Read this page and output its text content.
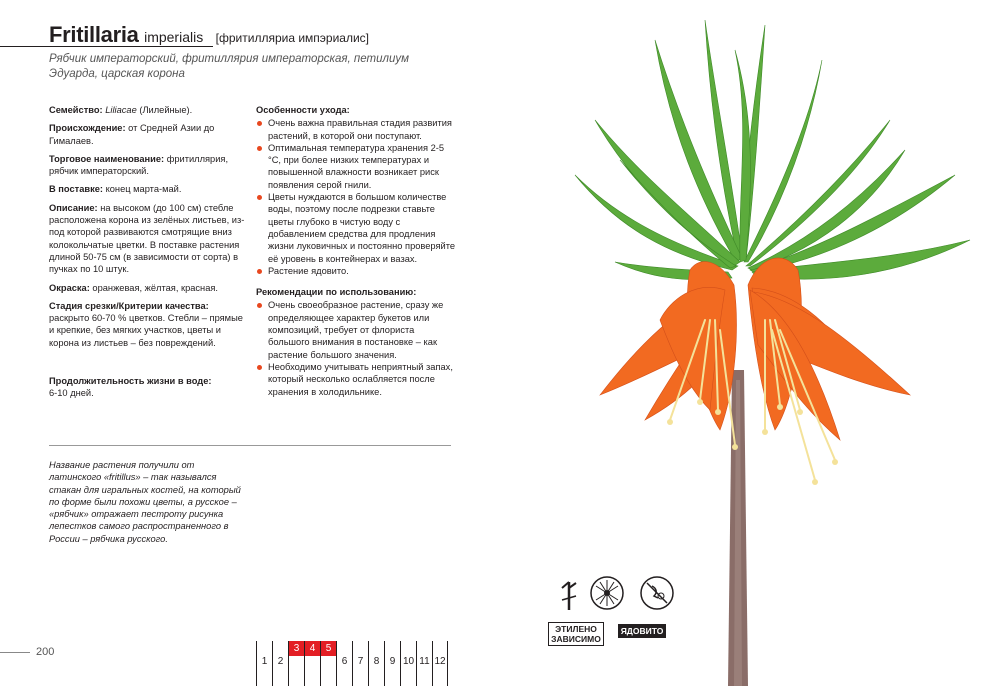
Fritillaria imperialis [фритилляриа импэриалис]
Рябчик императорский, фритиллярия императорская, петилиум Эдуарда, царская корона

Семейство: Liliacae (Лилейные).

Происхождение: от Средней Азии до Гималаев.

Торговое наименование: фритиллярия, рябчик императорский.

В поставке: конец марта-май.

Описание: на высоком (до 100 см) стебле расположена корона из зелёных листьев, из-под которой развиваются смотрящие вниз колокольчатые цветки. В поставке растения длиной 50-75 см (в зависимости от сорта) в пучках по 10 штук.

Окраска: оранжевая, жёлтая, красная.

Стадия срезки/Критерии качества: раскрыто 60-70 % цветков. Стебли – прямые и крепкие, без мягких участков, цветы и корона из листьев – без повреждений.

Продолжительность жизни в воде:
6-10 дней.

Особенности ухода:
Очень важна правильная стадия развития растений, в которой они поступают.
Оптимальная температура хранения 2-5 °С, при более низких температурах и повышенной влажности возникает риск появления серой гнили.
Цветы нуждаются в большом количестве воды, поэтому после подрезки ставьте цветы глубоко в чистую воду с добавлением средства для продления жизни луковичных и постоянно проверяйте её уровень в контейнерах и вазах.
Растение ядовито.
Рекомендации по использованию:
Очень своеобразное растение, сразу же определяющее характер букетов или композиций, требует от флориста большого внимания в постановке – как растение большого значения.
Необходимо учитывать неприятный запах, который несколько ослабляется после хранения в холодильнике.
Название растения получили от латинского «fritillus» – так назывался стакан для игральных костей, на который по форме были похожи цветы, а русское – «рябчик» отражает пестроту рисунка лепестков самого распространенного в России – рябчика русского.
200
1	2
3	4	5
6	7	8	9 10 11 12
ЭТИЛЕНО
ЗАВИСИМО
ЯДОВИТО
